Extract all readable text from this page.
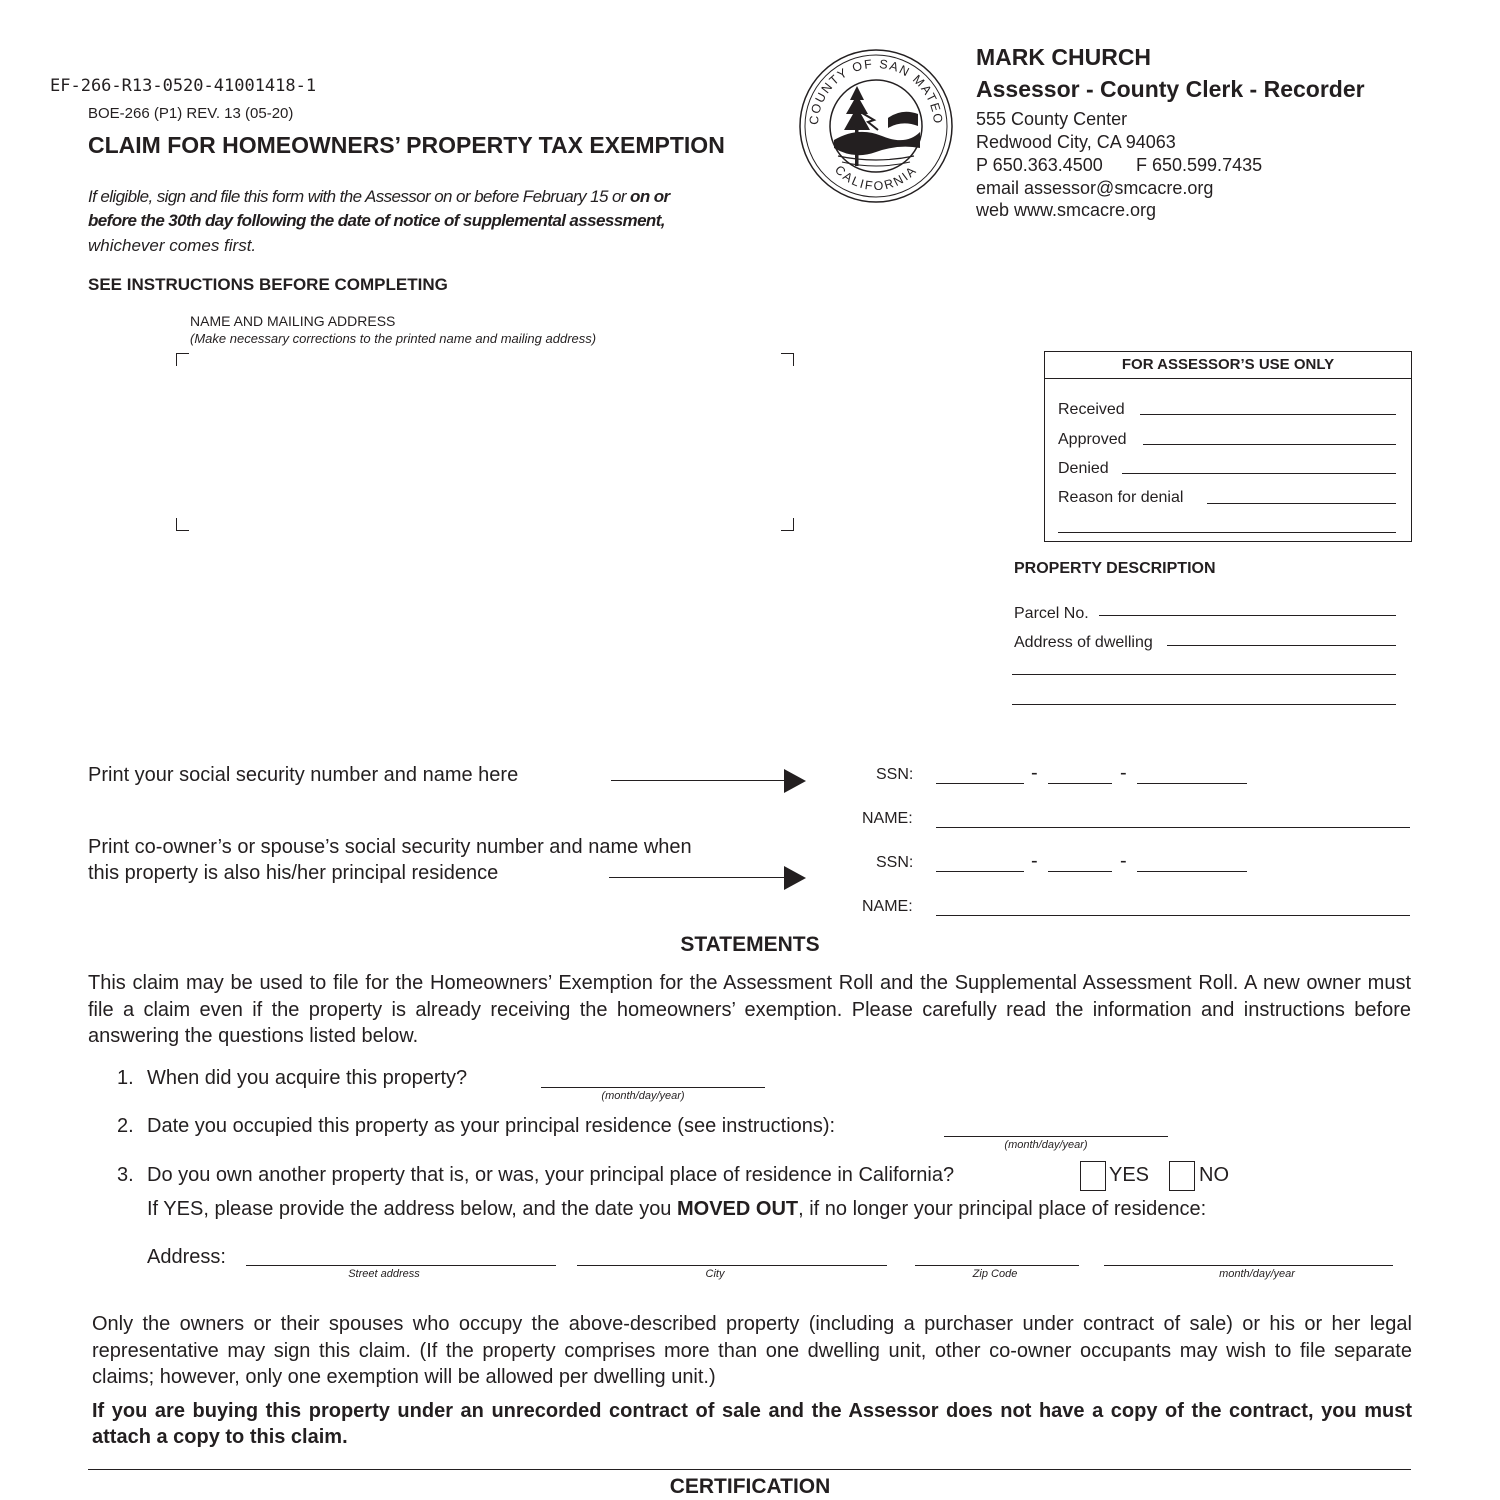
EF-266-R13-0520-41001418-1
BOE-266 (P1) REV. 13 (05-20)
CLAIM FOR HOMEOWNERS’ PROPERTY TAX EXEMPTION
If eligible, sign and file this form with the Assessor on or before February 15 or on or
before the 30th day following the date of notice of supplemental assessment,
whichever comes first.
SEE INSTRUCTIONS BEFORE COMPLETING
NAME AND MAILING ADDRESS
(Make necessary corrections to the printed name and mailing address)
COUNTY OF SAN MATEO
CALIFORNIA
MARK CHURCH
Assessor - County Clerk - Recorder
555 County Center
Redwood City, CA 94063
P 650.363.4500 F 650.599.7435
email assessor@smcacre.org
web www.smcacre.org
FOR ASSESSOR’S USE ONLY
Received
Approved
Denied
Reason for denial
PROPERTY DESCRIPTION
Parcel No.
Address of dwelling
Print your social security number and name here	SSN:	-	-
NAME:
Print co-owner’s or spouse’s social security number and name when
this property is also his/her principal residence	SSN:	-	-
NAME:
STATEMENTS
This claim may be used to file for the Homeowners’ Exemption for the Assessment Roll and the Supplemental Assessment Roll. A new owner must file a claim even if the property is already receiving the homeowners’ exemption. Please carefully read the information and instructions before answering the questions listed below.
1. When did you acquire this property?
(month/day/year)
2. Date you occupied this property as your principal residence (see instructions):
(month/day/year)
3. Do you own another property that is, or was, your principal place of residence in California?	YES NO
If YES, please provide the address below, and the date you MOVED OUT, if no longer your principal place of residence:
Address:
Street address	City	Zip Code	month/day/year
Only the owners or their spouses who occupy the above-described property (including a purchaser under contract of sale) or his or her legal representative may sign this claim. (If the property comprises more than one dwelling unit, other co-owner occupants may wish to file separate claims; however, only one exemption will be allowed per dwelling unit.)
If you are buying this property under an unrecorded contract of sale and the Assessor does not have a copy of the contract, you must attach a copy to this claim.
CERTIFICATION
